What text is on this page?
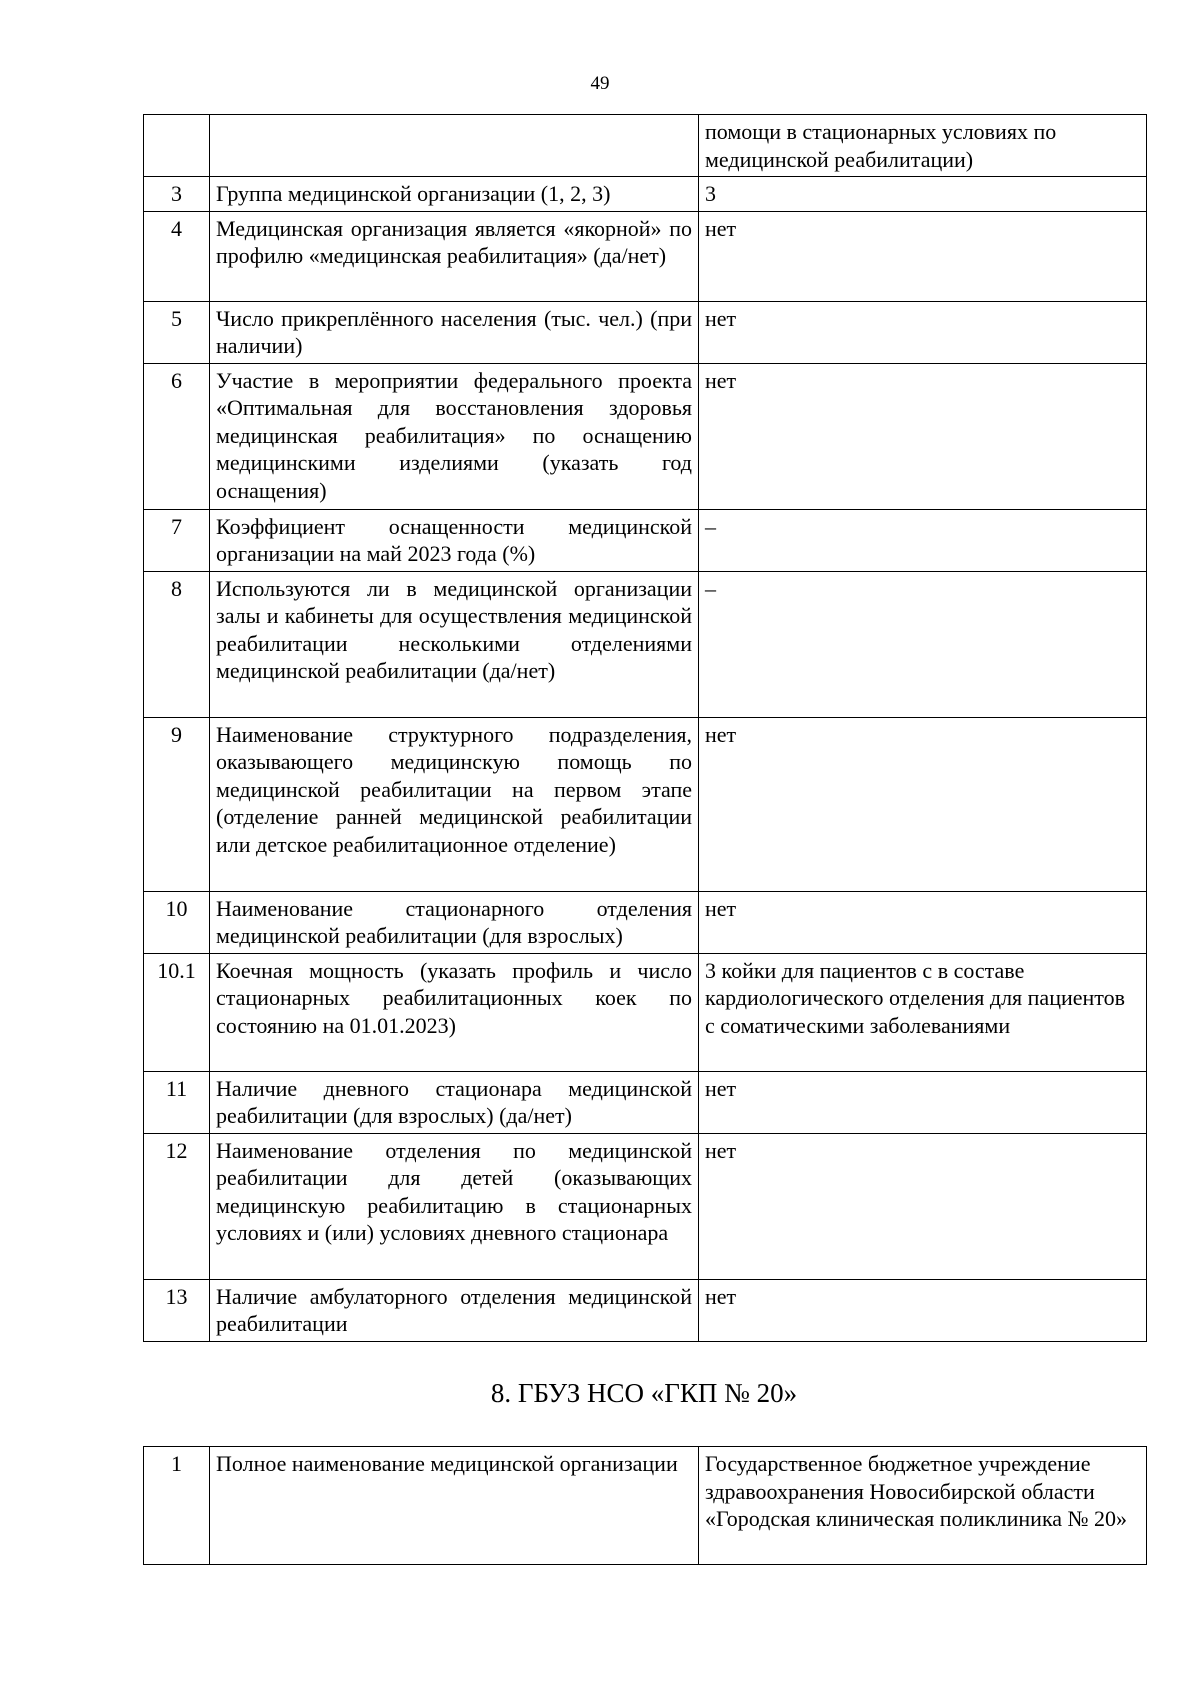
49
		помощи в стационарных условиях по медицинской реабилитации)
3	Группа медицинской организации (1, 2, 3)	3
4	Медицинская организация является «якорной» по профилю «медицинская реабилитация» (да/нет)	нет
5	Число прикреплённого населения (тыс. чел.) (при наличии)	нет
6	Участие в мероприятии федерального проекта «Оптимальная для восстановления здоровья медицинская реабилитация» по оснащению медицинскими изделиями (указать год оснащения)	нет
7	Коэффициент оснащенности медицинской организации на май 2023 года (%)	–
8	Используются ли в медицинской организации залы и кабинеты для осуществления медицинской реабилитации несколькими отделениями медицинской реабилитации (да/нет)	–
9	Наименование структурного подразделения, оказывающего медицинскую помощь по медицинской реабилитации на первом этапе (отделение ранней медицинской реабилитации или детское реабилитационное отделение)	нет
10	Наименование стационарного отделения медицинской реабилитации (для взрослых)	нет
10.1	Коечная мощность (указать профиль и число стационарных реабилитационных коек по состоянию на 01.01.2023)	3 койки для пациентов с в составе кардиологического отделения для пациентов с соматическими заболеваниями
11	Наличие дневного стационара медицинской реабилитации (для взрослых) (да/нет)	нет
12	Наименование отделения по медицинской реабилитации для детей (оказывающих медицинскую реабилитацию в стационарных условиях и (или) условиях дневного стационара	нет
13	Наличие амбулаторного отделения медицинской реабилитации	нет
8. ГБУЗ НСО «ГКП № 20»
1	Полное наименование медицинской организации	Государственное бюджетное учреждение здравоохранения Новосибирской области «Городская клиническая поликлиника № 20»
